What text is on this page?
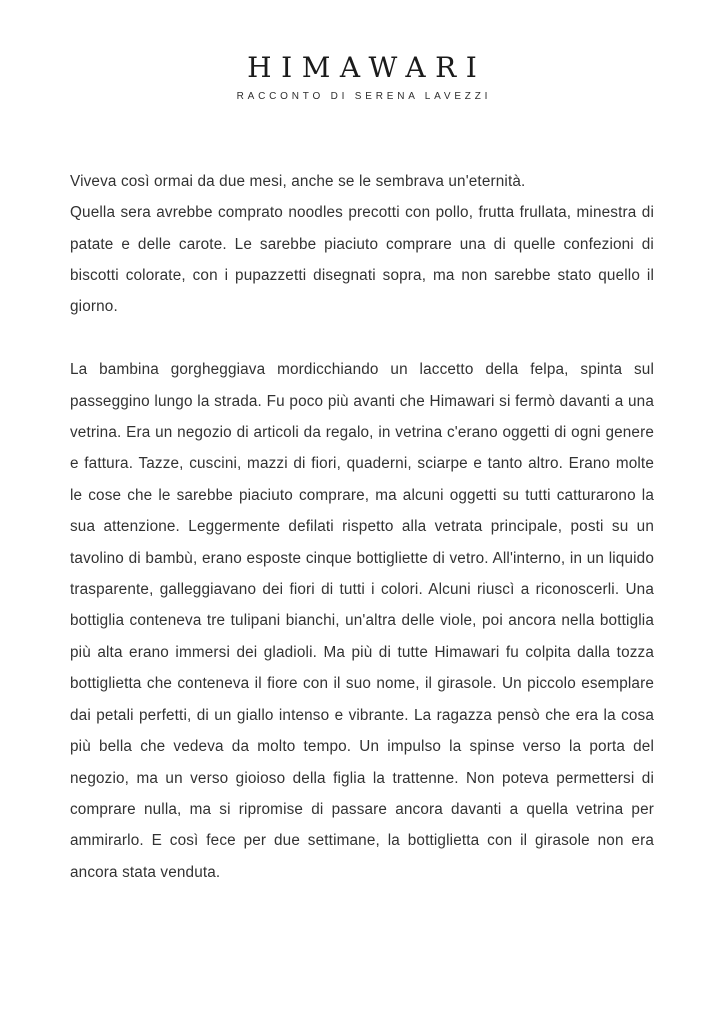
HIMAWARI
RACCONTO DI SERENA LAVEZZI

Viveva così ormai da due mesi, anche se le sembrava un'eternità.

Quella sera avrebbe comprato noodles precotti con pollo, frutta frullata, minestra di patate e delle carote. Le sarebbe piaciuto comprare una di quelle confezioni di biscotti colorate, con i pupazzetti disegnati sopra, ma non sarebbe stato quello il giorno.

La bambina gorgheggiava mordicchiando un laccetto della felpa, spinta sul passeggino lungo la strada. Fu poco più avanti che Himawari si fermò davanti a una vetrina. Era un negozio di articoli da regalo, in vetrina c'erano oggetti di ogni genere e fattura. Tazze, cuscini, mazzi di fiori, quaderni, sciarpe e tanto altro. Erano molte le cose che le sarebbe piaciuto comprare, ma alcuni oggetti su tutti catturarono la sua attenzione. Leggermente defilati rispetto alla vetrata principale, posti su un tavolino di bambù, erano esposte cinque bottigliette di vetro. All'interno, in un liquido trasparente, galleggiavano dei fiori di tutti i colori. Alcuni riuscì a riconoscerli. Una bottiglia conteneva tre tulipani bianchi, un'altra delle viole, poi ancora nella bottiglia più alta erano immersi dei gladioli. Ma più di tutte Himawari fu colpita dalla tozza bottiglietta che conteneva il fiore con il suo nome, il girasole. Un piccolo esemplare dai petali perfetti, di un giallo intenso e vibrante. La ragazza pensò che era la cosa più bella che vedeva da molto tempo. Un impulso la spinse verso la porta del negozio, ma un verso gioioso della figlia la trattenne. Non poteva permettersi di comprare nulla, ma si ripromise di passare ancora davanti a quella vetrina per ammirarlo. E così fece per due settimane, la bottiglietta con il girasole non era ancora stata venduta.
